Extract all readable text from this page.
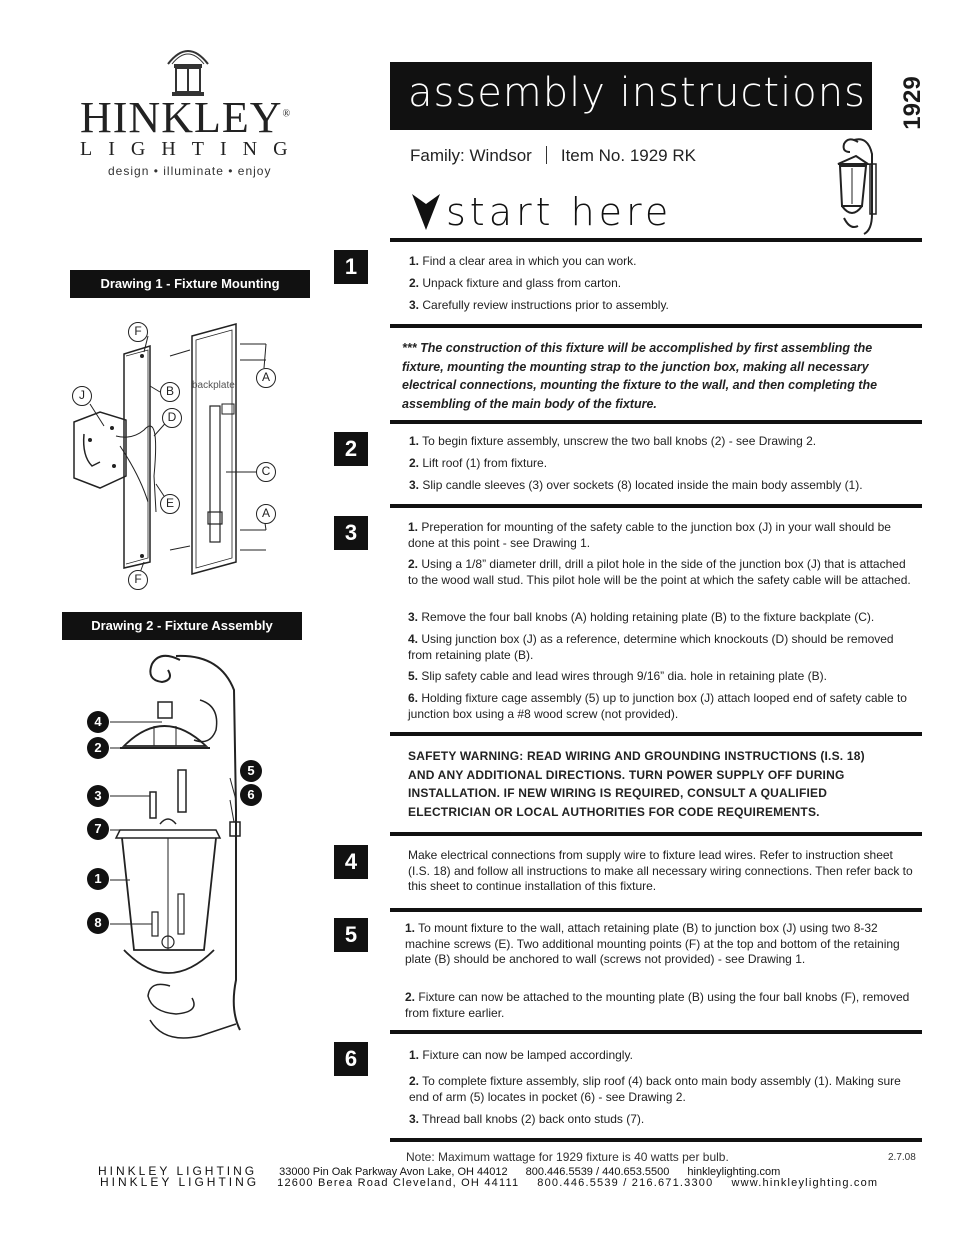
HINKLEY®
LIGHTING
design • illuminate • enjoy
assembly instructions 1929
Family: Windsor Item No. 1929 RK
start here
Drawing 1 - Fixture Mounting
F
A
J	B
D
C
E
A
F
backplate
Drawing 2 - Fixture Assembly
4
2
5
3	6
7
1
8
1
2
3
4
5
6
1. Find a clear area in which you can work.
2. Unpack fixture and glass from carton.
3. Carefully review instructions prior to assembly.
*** The construction of this fixture will be accomplished by first assembling the fixture, mounting the mounting strap to the junction box, making all necessary electrical connections, mounting the fixture to the wall, and then completing the assembling of the main body of the fixture.
1. To begin fixture assembly, unscrew the two ball knobs (2) - see Drawing 2.
2. Lift roof (1) from fixture.
3. Slip candle sleeves (3) over sockets (8) located inside the main body assembly (1).
1. Preperation for mounting of the safety cable to the junction box (J) in your wall should be done at this point - see Drawing 1.
2. Using a 1/8” diameter drill, drill a pilot hole in the side of the junction box (J) that is attached to the wood wall stud. This pilot hole will be the point at which the safety cable will be attached.
3. Remove the four ball knobs (A) holding retaining plate (B) to the fixture backplate (C).
4. Using junction box (J) as a reference, determine which knockouts (D) should be removed from retaining plate (B).
5. Slip safety cable and lead wires through 9/16” dia. hole in retaining plate (B).
6. Holding fixture cage assembly (5) up to junction box (J) attach looped end of safety cable to junction box using a #8 wood screw (not provided).
SAFETY WARNING: READ WIRING AND GROUNDING INSTRUCTIONS (I.S. 18) AND ANY ADDITIONAL DIRECTIONS. TURN POWER SUPPLY OFF DURING INSTALLATION. IF NEW WIRING IS REQUIRED, CONSULT A QUALIFIED ELECTRICIAN OR LOCAL AUTHORITIES FOR CODE REQUIREMENTS.
Make electrical connections from supply wire to fixture lead wires. Refer to instruction sheet (I.S. 18) and follow all instructions to make all necessary wiring connections. Then refer back to this sheet to continue installation of this fixture.
1. To mount fixture to the wall, attach retaining plate (B) to junction box (J) using two 8-32 machine screws (E). Two additional mounting points (F) at the top and bottom of the retaining plate (B) should be anchored to wall (screws not provided) - see Drawing 1.
2. Fixture can now be attached to the mounting plate (B) using the four ball knobs (F), removed from fixture earlier.
1. Fixture can now be lamped accordingly.
2. To complete fixture assembly, slip roof (4) back onto main body assembly (1). Making sure end of arm (5) locates in pocket (6) - see Drawing 2.
3. Thread ball knobs (2) back onto studs (7).
Note: Maximum wattage for 1929 fixture is 40 watts per bulb.	2.7.08
HINKLEY LIGHTING 33000 Pin Oak Parkway Avon Lake, OH 44012 800.446.5539 / 440.653.5500 hinkleylighting.com
HINKLEY LIGHTING 12600 Berea Road Cleveland, OH 44111 800.446.5539 / 216.671.3300 www.hinkleylighting.com
